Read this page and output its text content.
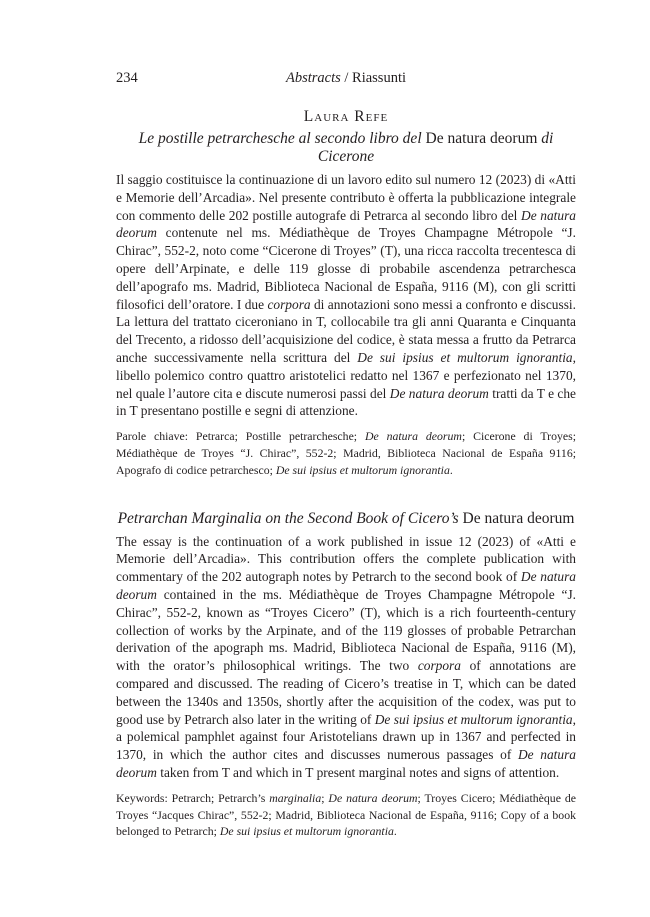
234	Abstracts / Riassunti
Laura Refe
Le postille petrarchesche al secondo libro del De natura deorum di Cicerone

Il saggio costituisce la continuazione di un lavoro edito sul numero 12 (2023) di «Atti e Memorie dell’Arcadia». Nel presente contributo è offerta la pubblicazione integrale con commento delle 202 postille autografe di Petrarca al secondo libro del De natura deorum contenute nel ms. Médiathèque de Troyes Champagne Métropole “J. Chirac”, 552-2, noto come “Cicerone di Troyes” (T), una ricca raccolta trecentesca di opere dell’Arpinate, e delle 119 glosse di probabile ascendenza petrarchesca dell’apografo ms. Madrid, Biblioteca Nacional de España, 9116 (M), con gli scritti filosofici dell’oratore. I due corpora di annotazioni sono messi a confronto e discussi. La lettura del trattato ciceroniano in T, collocabile tra gli anni Quaranta e Cinquanta del Trecento, a ridosso dell’acquisizione del codice, è stata messa a frutto da Petrarca anche successivamente nella scrittura del De sui ipsius et multorum ignorantia, libello polemico contro quattro aristotelici redatto nel 1367 e perfezionato nel 1370, nel quale l’autore cita e discute numerosi passi del De natura deorum tratti da T e che in T presentano postille e segni di attenzione.

Parole chiave: Petrarca; Postille petrarchesche; De natura deorum; Cicerone di Troyes; Médiathèque de Troyes “J. Chirac”, 552-2; Madrid, Biblioteca Nacional de España 9116; Apografo di codice petrarchesco; De sui ipsius et multorum ignorantia.

Petrarchan Marginalia on the Second Book of Cicero’s De natura deorum

The essay is the continuation of a work published in issue 12 (2023) of «Atti e Memorie dell’Arcadia». This contribution offers the complete publication with commentary of the 202 autograph notes by Petrarch to the second book of De natura deorum contained in the ms. Médiathèque de Troyes Champagne Métropole “J. Chirac”, 552-2, known as “Troyes Cicero” (T), which is a rich fourteenth-century collection of works by the Arpinate, and of the 119 glosses of probable Petrarchan derivation of the apograph ms. Madrid, Biblioteca Nacional de España, 9116 (M), with the orator’s philosophical writings. The two corpora of annotations are compared and discussed. The reading of Cicero’s treatise in T, which can be dated between the 1340s and 1350s, shortly after the acquisition of the codex, was put to good use by Petrarch also later in the writing of De sui ipsius et multorum ignorantia, a polemical pamphlet against four Aristotelians drawn up in 1367 and perfected in 1370, in which the author cites and discusses numerous passages of De natura deorum taken from T and which in T present marginal notes and signs of attention.

Keywords: Petrarch; Petrarch’s marginalia; De natura deorum; Troyes Cicero; Médiathèque de Troyes “Jacques Chirac”, 552-2; Madrid, Biblioteca Nacional de España, 9116; Copy of a book belonged to Petrarch; De sui ipsius et multorum ignorantia.
